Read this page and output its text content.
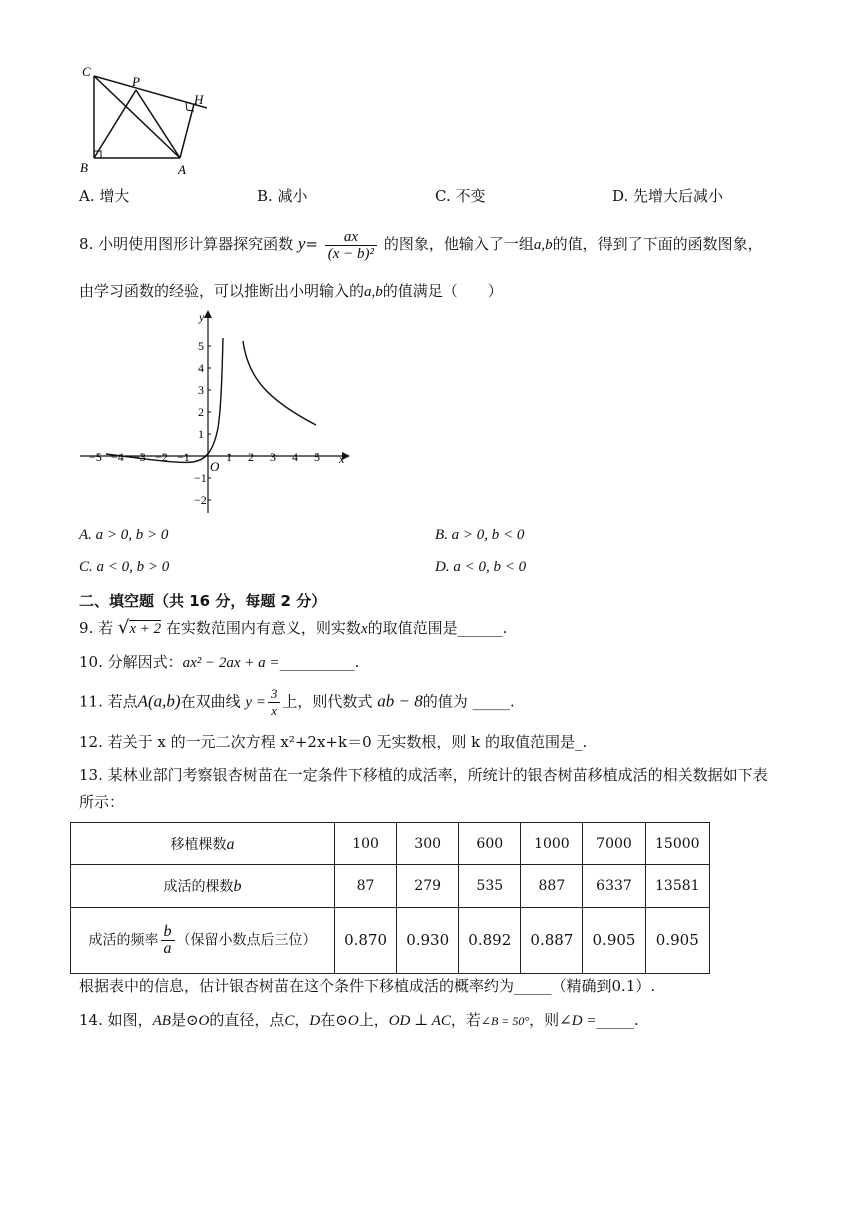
C
P
H
B	A
A. 增大	B. 减小	C. 不变	D. 先增大后减小
8. 小明使用图形计算器探究函数 $y= \frac{ax}{\text{(x − b)²}}$ 的图象，他输入了一组a,b的值，得到了下面的函数图象，
由学习函数的经验，可以推断出小明输入的a,b的值满足（　　）
x
y
O
−5 −4 −3 −2 −1	1 2 3 4 5
5
4
3
2
1
−1
−2
A. a > 0, b > 0	B. a > 0, b < 0
C. a < 0, b > 0	D. a < 0, b < 0
二、填空题（共 16 分，每题 2 分）
9. 若 √x + 2 在实数范围内有意义，则实数x的取值范围是______.
10. 分解因式：ax² − 2ax + a =__________.
11. 若点A(a,b)在双曲线 $y = \frac{3}{x}$ 上，则代数式 ab − 8的值为 _____.
12. 若关于 x 的一元二次方程 x²+2x+k＝0 无实数根，则 k 的取值范围是_.
13. 某林业部门考察银杏树苗在一定条件下移植的成活率，所统计的银杏树苗移植成活的相关数据如下表
所示：
移植棵数a	100	300	600	1000	7000	15000
成活的棵数b	87	279	535	887	6337	13581
成活的频率 $\frac{b}{a}$ （保留小数点后三位）	0.870	0.930	0.892	0.887	0.905	0.905
根据表中的信息，估计银杏树苗在这个条件下移植成活的概率约为_____（精确到0.1）.
14. 如图，AB是⊙O的直径，点C，D在⊙O上，OD ⊥ AC，若∠B = 50°，则∠D =_____.
